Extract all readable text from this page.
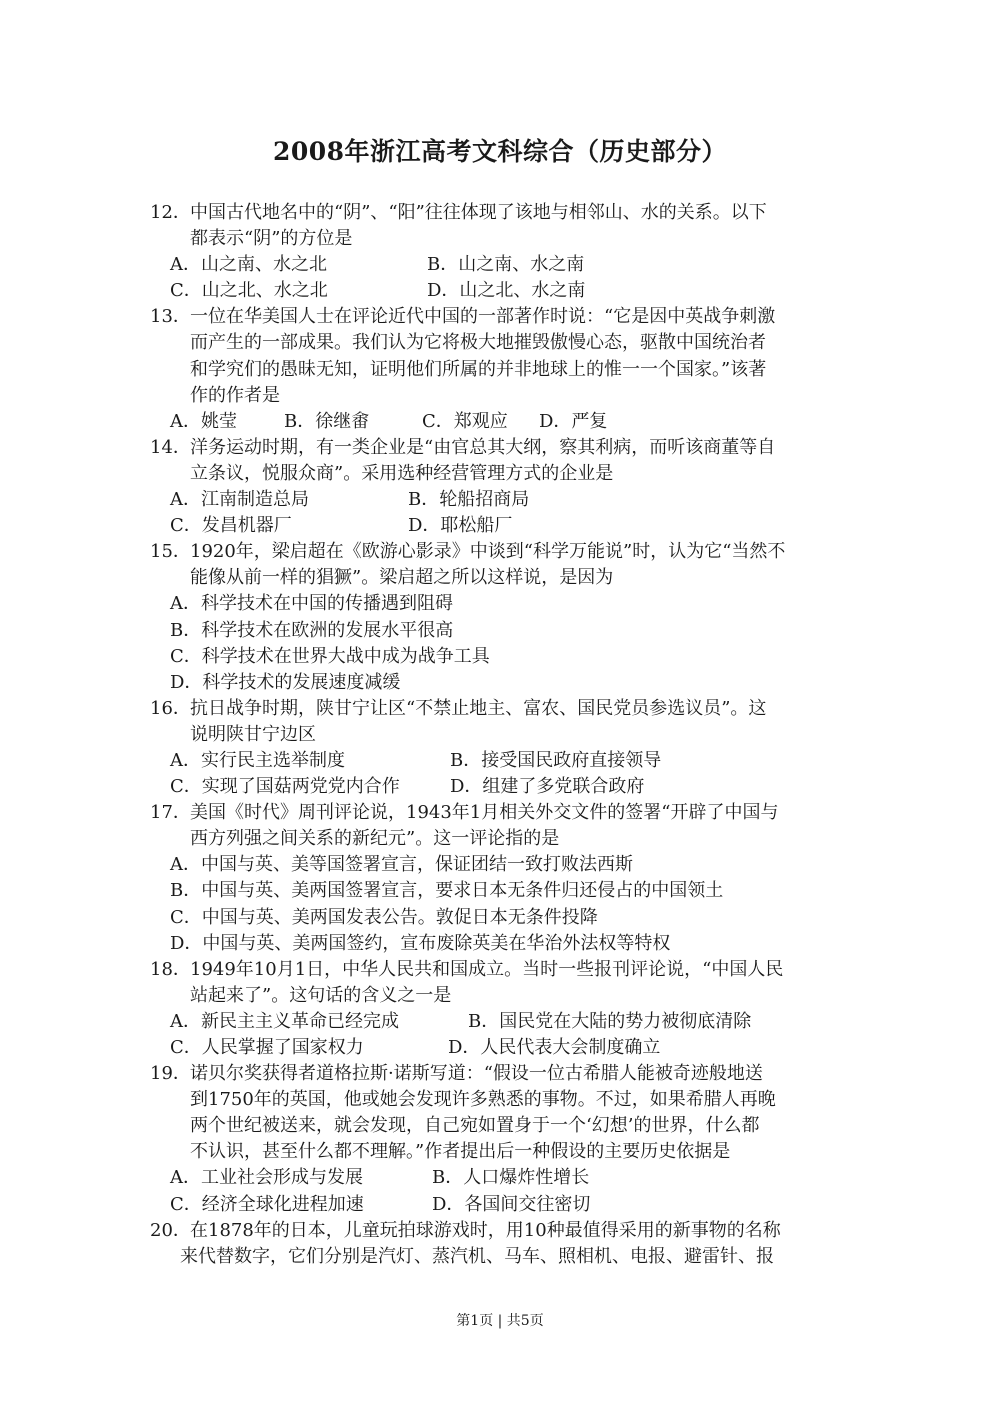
2008年浙江高考文科综合（历史部分）
12．中国古代地名中的“阴”、“阳”往往体现了该地与相邻山、水的关系。以下
都表示“阴”的方位是
A．山之南、水之北	B．山之南、水之南
C．山之北、水之北	D．山之北、水之南
13．一位在华美国人士在评论近代中国的一部著作时说：“它是因中英战争刺激
而产生的一部成果。我们认为它将极大地摧毁傲慢心态，驱散中国统治者
和学究们的愚昧无知，证明他们所属的并非地球上的惟一一个国家。”该著
作的作者是
A．姚莹	B．徐继畬	C．郑观应 D．严复
14．洋务运动时期，有一类企业是“由官总其大纲，察其利病，而听该商董等自
立条议，悦服众商”。采用选种经营管理方式的企业是
A．江南制造总局	B．轮船招商局
C．发昌机器厂	D．耶松船厂
15．1920年，梁启超在《欧游心影录》中谈到“科学万能说”时，认为它“当然不
能像从前一样的猖獗”。梁启超之所以这样说，是因为
A．科学技术在中国的传播遇到阻碍
B．科学技术在欧洲的发展水平很高
C．科学技术在世界大战中成为战争工具
D．科学技术的发展速度减缓
16．抗日战争时期，陕甘宁让区“不禁止地主、富农、国民党员参选议员”。这
说明陕甘宁边区
A．实行民主选举制度	B．接受国民政府直接领导
C．实现了国菇两党党内合作	D．组建了多党联合政府
17．美国《时代》周刊评论说，1943年1月相关外交文件的签署“开辟了中国与
西方列强之间关系的新纪元”。这一评论指的是
A．中国与英、美等国签署宣言，保证团结一致打败法西斯
B．中国与英、美两国签署宣言，要求日本无条件归还侵占的中国领土
C．中国与英、美两国发表公告。敦促日本无条件投降
D．中国与英、美两国签约，宣布废除英美在华治外法权等特权
18．1949年10月1日，中华人民共和国成立。当时一些报刊评论说，“中国人民
站起来了”。这句话的含义之一是
A．新民主主义革命已经完成	B．国民党在大陆的势力被彻底清除
C．人民掌握了国家权力	D．人民代表大会制度确立
19．诺贝尔奖获得者道格拉斯·诺斯写道：“假设一位古希腊人能被奇迹般地送
到1750年的英国，他或她会发现许多熟悉的事物。不过，如果希腊人再晚
两个世纪被送来，就会发现，自己宛如置身于一个‘幻想’的世界，什么都
不认识，甚至什么都不理解。”作者提出后一种假设的主要历史依据是
A．工业社会形成与发展	B．人口爆炸性增长
C．经济全球化进程加速	D．各国间交往密切
20．在1878年的日本，儿童玩拍球游戏时，用10种最值得采用的新事物的名称
来代替数字，它们分别是汽灯、蒸汽机、马车、照相机、电报、避雷针、报
第1页 | 共5页
